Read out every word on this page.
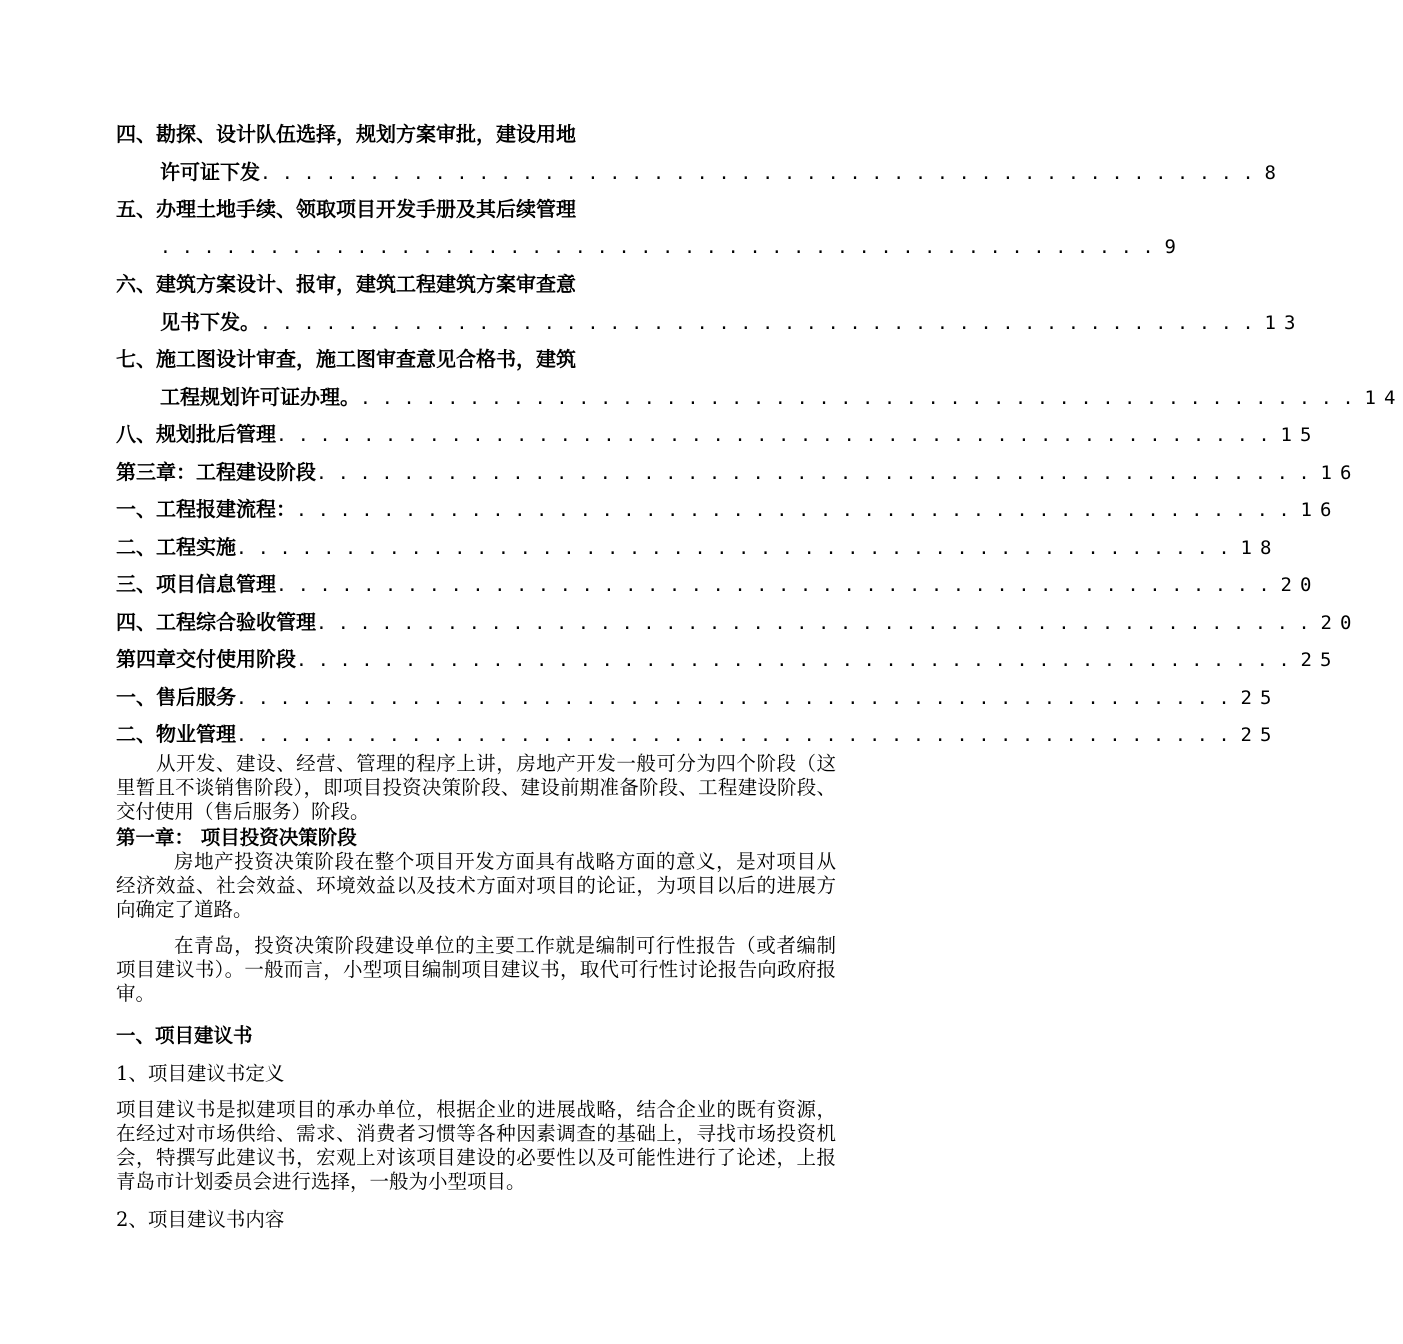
四、勘探、设计队伍选择，规划方案审批，建设用地
许可证下发 .............................................. 8
五、办理土地手续、领取项目开发手册及其后续管理
.............................................. 9
六、建筑方案设计、报审，建筑工程建筑方案审查意
见书下发。 .............................................. 13
七、施工图设计审查，施工图审查意见合格书，建筑
工程规划许可证办理。 .............................................. 14
八、规划批后管理 .............................................. 15
第三章：工程建设阶段 .............................................. 16
一、工程报建流程： .............................................. 16
二、工程实施 .............................................. 18
三、项目信息管理 .............................................. 20
四、工程综合验收管理 .............................................. 20
第四章交付使用阶段 .............................................. 25
一、售后服务 .............................................. 25
二、物业管理 .............................................. 25

从开发、建设、经营、管理的程序上讲，房地产开发一般可分为四个阶段（这里暂且不谈销售阶段），即项目投资决策阶段、建设前期准备阶段、工程建设阶段、交付使用（售后服务）阶段。

第一章： 项目投资决策阶段

房地产投资决策阶段在整个项目开发方面具有战略方面的意义，是对项目从经济效益、社会效益、环境效益以及技术方面对项目的论证，为项目以后的进展方向确定了道路。

在青岛，投资决策阶段建设单位的主要工作就是编制可行性报告（或者编制项目建议书）。一般而言，小型项目编制项目建议书，取代可行性讨论报告向政府报审。

一、项目建议书
1、项目建议书定义

项目建议书是拟建项目的承办单位，根据企业的进展战略，结合企业的既有资源，在经过对市场供给、需求、消费者习惯等各种因素调查的基础上，寻找市场投资机会，特撰写此建议书，宏观上对该项目建设的必要性以及可能性进行了论述，上报青岛市计划委员会进行选择，一般为小型项目。

2、项目建议书内容
